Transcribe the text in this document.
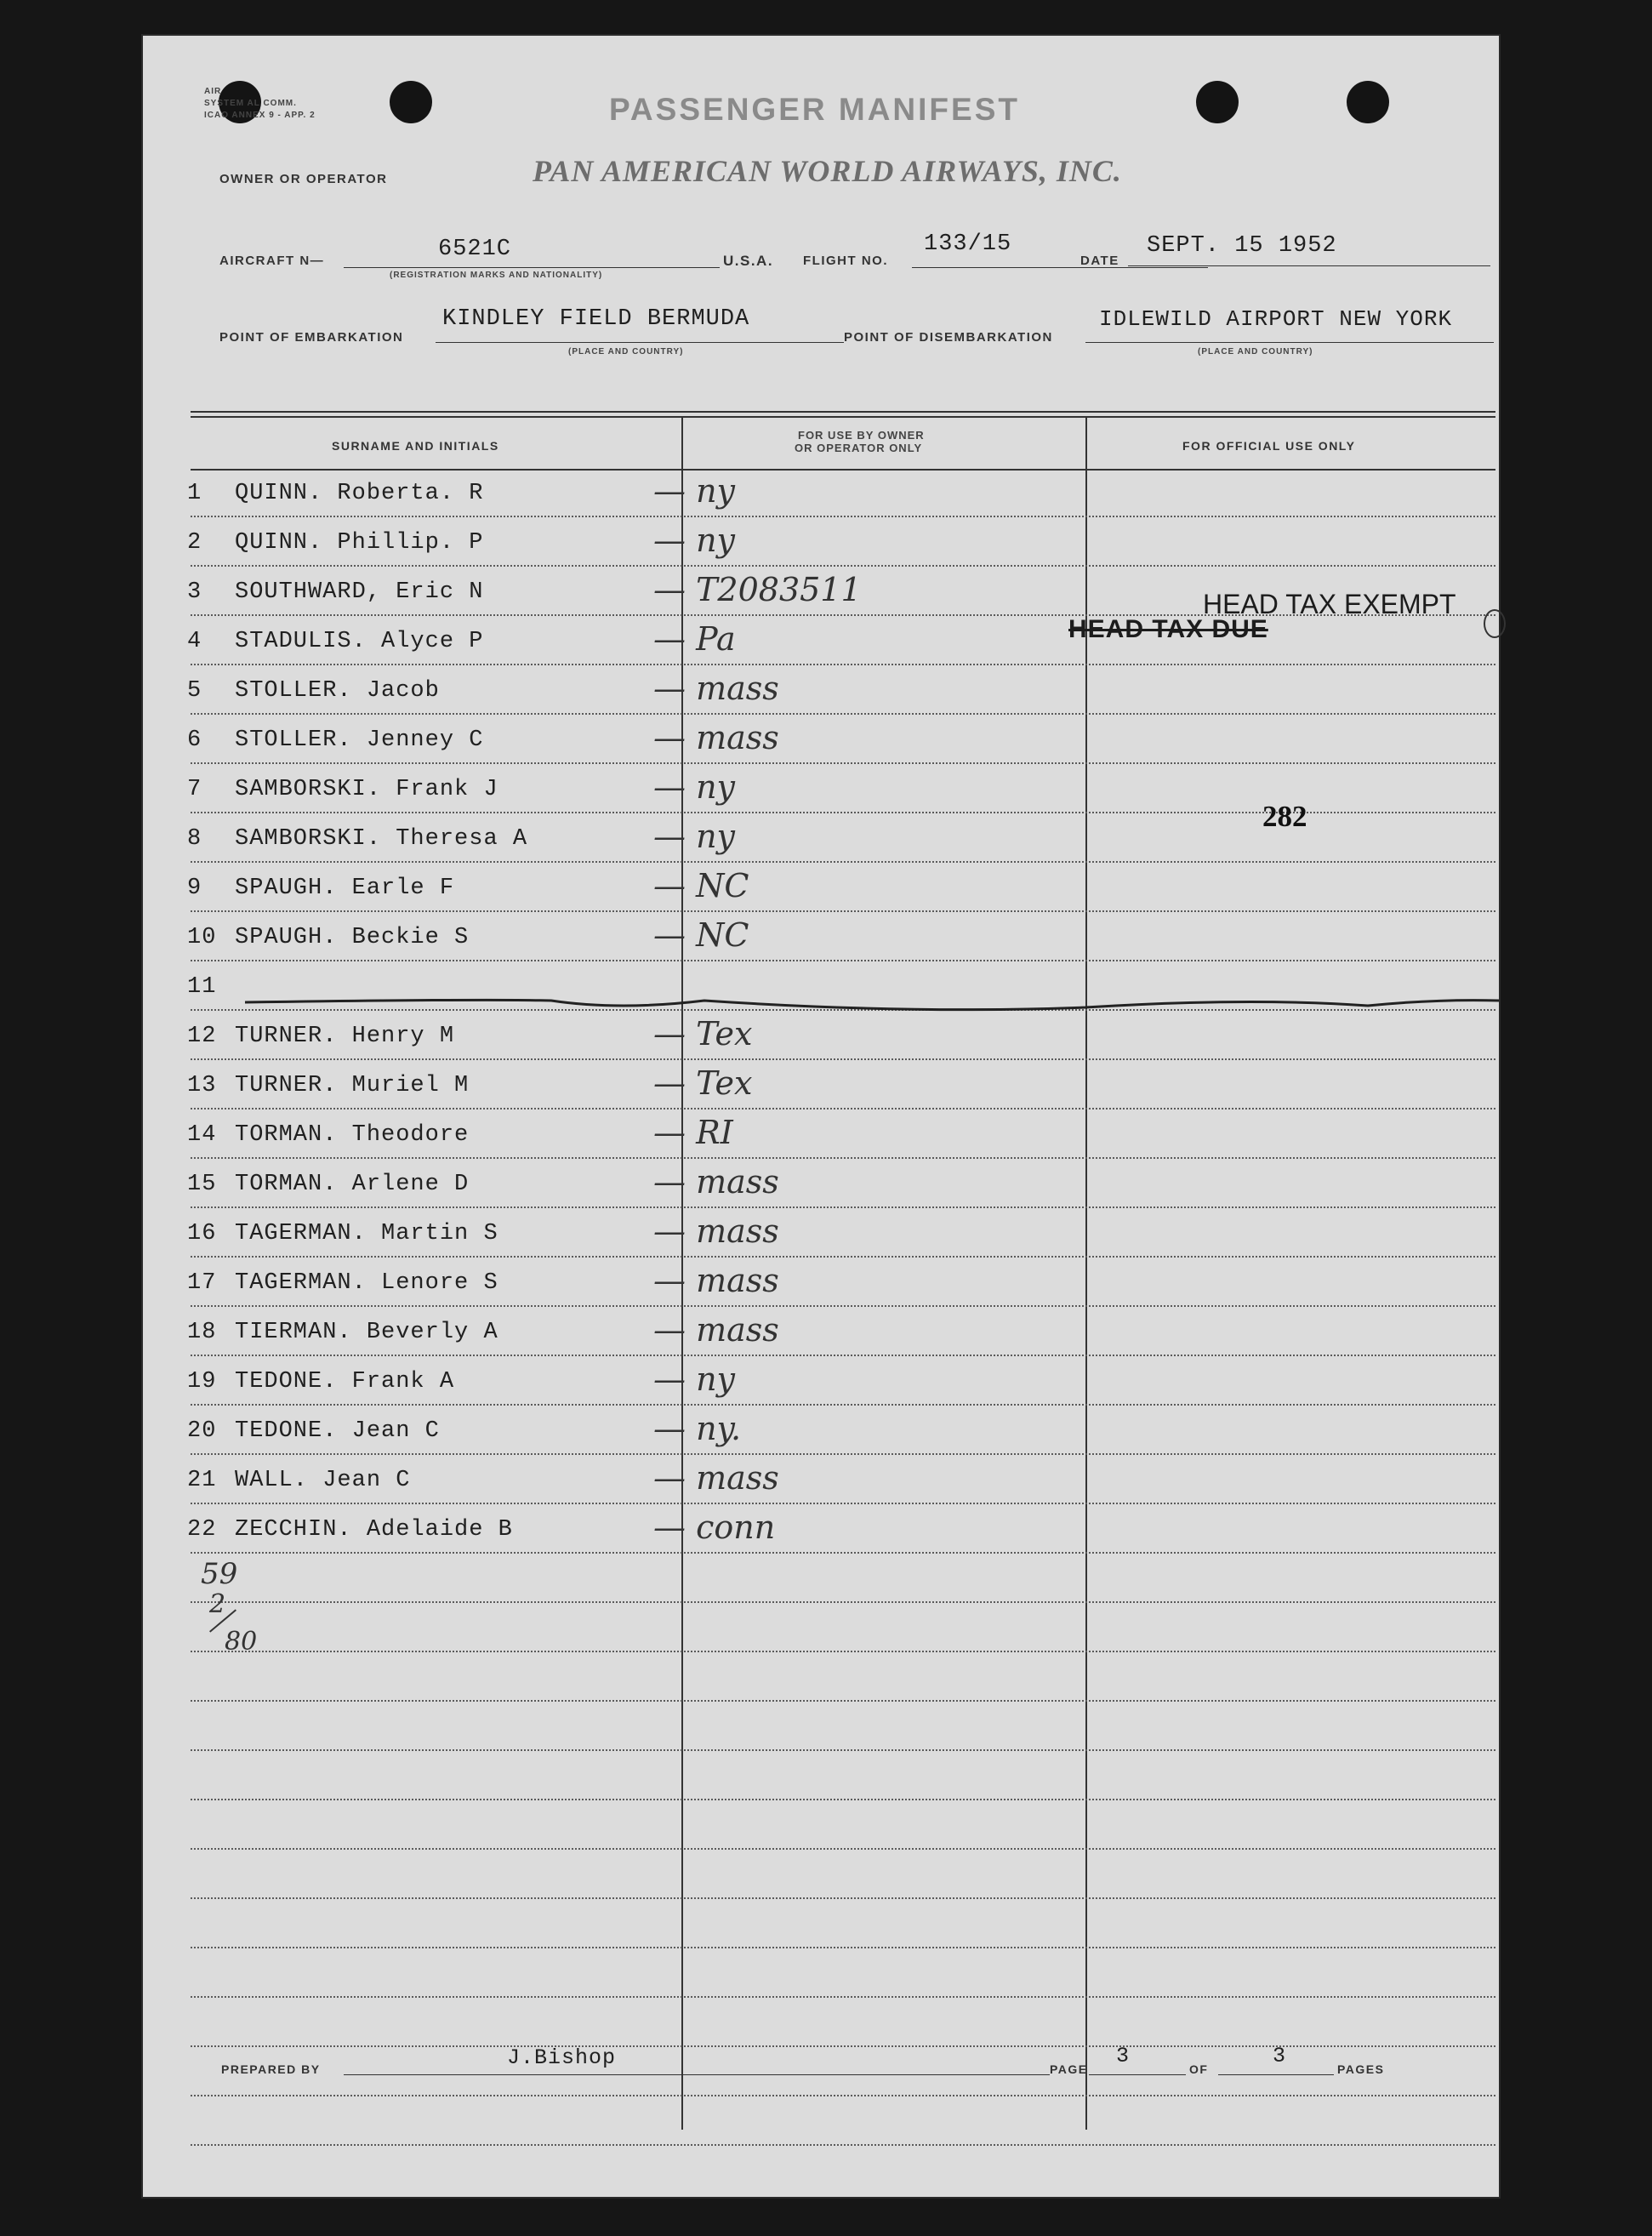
AIR
SYSTEM AL COMM.
ICAO ANNEX 9 - APP. 2	PASSENGER MANIFEST
OWNER OR OPERATOR	PAN AMERICAN WORLD AIRWAYS, INC.
AIRCRAFT N—	6521C
(REGISTRATION MARKS AND NATIONALITY)
U.S.A. FLIGHT NO.
133/15
DATE
SEPT. 15 1952
POINT OF EMBARKATION
KINDLEY FIELD BERMUDA
(PLACE AND COUNTRY)
POINT OF DISEMBARKATION
IDLEWILD AIRPORT NEW YORK
(PLACE AND COUNTRY)
SURNAME AND INITIALS
FOR USE BY OWNER
OR OPERATOR ONLY	FOR OFFICIAL USE ONLY
1 QUINN. Roberta. R	— ny
2 QUINN. Phillip. P	— ny
3 SOUTHWARD, Eric N	— T2083511
4 STADULIS. Alyce P	— Pa
5 STOLLER. Jacob	— mass
6 STOLLER. Jenney C	— mass
7 SAMBORSKI. Frank J	— ny
8 SAMBORSKI. Theresa A	— ny
9 SPAUGH. Earle F	— NC
10 SPAUGH. Beckie S	— NC
11
12 TURNER. Henry M	— Tex
13 TURNER. Muriel M	— Tex
14 TORMAN. Theodore	— RI
15 TORMAN. Arlene D	— mass
16 TAGERMAN. Martin S	— mass
17 TAGERMAN. Lenore S	— mass
18 TIERMAN. Beverly A	— mass
19 TEDONE. Frank A	— ny
20 TEDONE. Jean C	— ny.
21 WALL. Jean C	— mass
22 ZECCHIN. Adelaide B	— conn
HEAD TAX EXEMPT
HEAD TAX DUE
282
59
2
80
PREPARED BY	J.Bishop	PAGE
3
OF
3
PAGES
